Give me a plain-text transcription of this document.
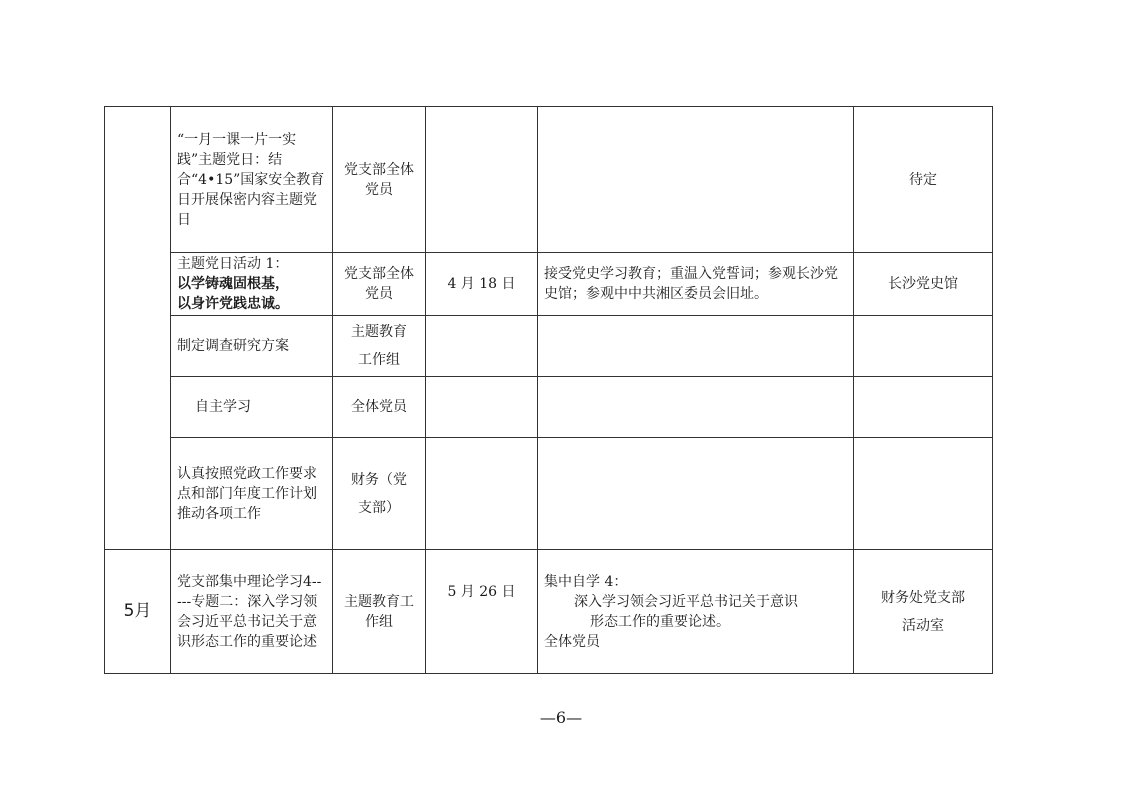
	“一月一课一片一实践”主题党日：结合“4•15”国家安全教育日开展保密内容主题党日	党支部全体党员			待定

	主题党日活动 1：
以学铸魂固根基，
以身许党践忠诚。	党支部全体党员	4 月 18 日	接受党史学习教育；重温入党誓词；参观长沙党史馆；参观中中共湘区委员会旧址。	长沙党史馆
	制定调查研究方案	主题教育
工作组			

	自主学习	全体党员			
	认真按照党政工作要求点和部门年度工作计划推动各项工作	财务（党
支部）			

5月	党支部集中理论学习4-----专题二：深入学习领会习近平总书记关于意识形态工作的重要论述	主题教育工作组	5 月 26 日	集中自学 4：
深入学习领会习近平总书记关于意识
形态工作的重要论述。
全体党员	财务处党支部
活动室
—6—
